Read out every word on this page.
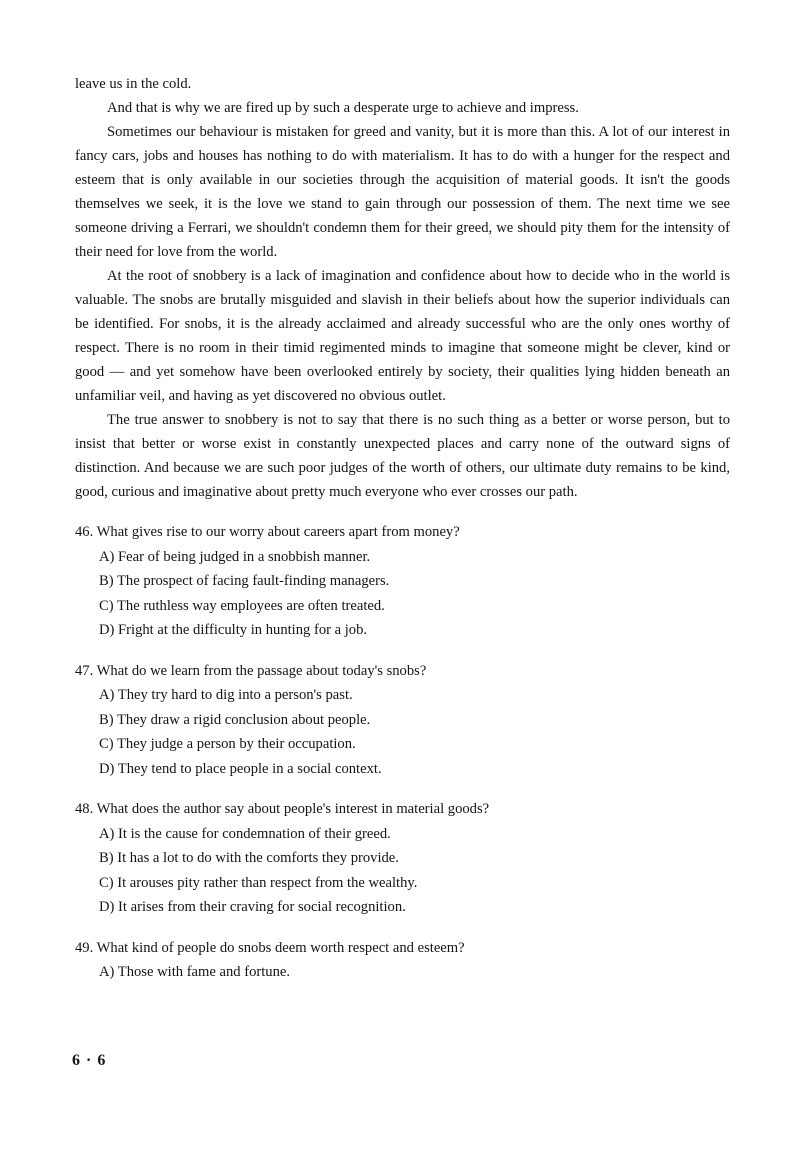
leave us in the cold.

And that is why we are fired up by such a desperate urge to achieve and impress.

Sometimes our behaviour is mistaken for greed and vanity, but it is more than this. A lot of our interest in fancy cars, jobs and houses has nothing to do with materialism. It has to do with a hunger for the respect and esteem that is only available in our societies through the acquisition of material goods. It isn't the goods themselves we seek, it is the love we stand to gain through our possession of them. The next time we see someone driving a Ferrari, we shouldn't condemn them for their greed, we should pity them for the intensity of their need for love from the world.

At the root of snobbery is a lack of imagination and confidence about how to decide who in the world is valuable. The snobs are brutally misguided and slavish in their beliefs about how the superior individuals can be identified. For snobs, it is the already acclaimed and already successful who are the only ones worthy of respect. There is no room in their timid regimented minds to imagine that someone might be clever, kind or good — and yet somehow have been overlooked entirely by society, their qualities lying hidden beneath an unfamiliar veil, and having as yet discovered no obvious outlet.

The true answer to snobbery is not to say that there is no such thing as a better or worse person, but to insist that better or worse exist in constantly unexpected places and carry none of the outward signs of distinction. And because we are such poor judges of the worth of others, our ultimate duty remains to be kind, good, curious and imaginative about pretty much everyone who ever crosses our path.

46. What gives rise to our worry about careers apart from money?

A) Fear of being judged in a snobbish manner.

B) The prospect of facing fault-finding managers.

C) The ruthless way employees are often treated.

D) Fright at the difficulty in hunting for a job.

47. What do we learn from the passage about today's snobs?

A) They try hard to dig into a person's past.

B) They draw a rigid conclusion about people.

C) They judge a person by their occupation.

D) They tend to place people in a social context.

48. What does the author say about people's interest in material goods?

A) It is the cause for condemnation of their greed.

B) It has a lot to do with the comforts they provide.

C) It arouses pity rather than respect from the wealthy.

D) It arises from their craving for social recognition.

49. What kind of people do snobs deem worth respect and esteem?

A) Those with fame and fortune.

6 · 6
